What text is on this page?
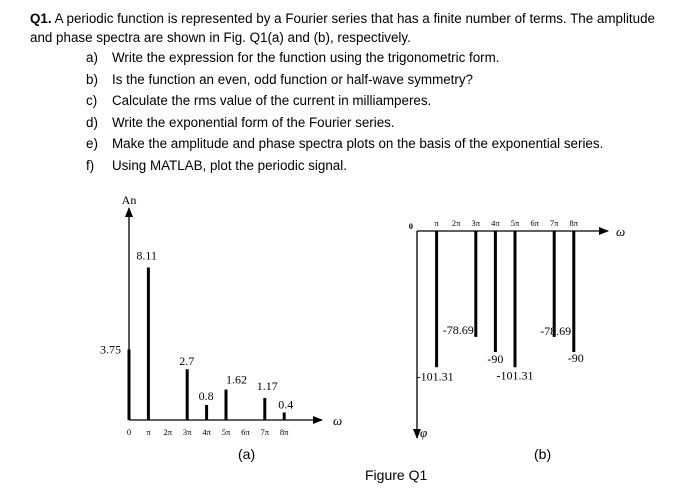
Q1. A periodic function is represented by a Fourier series that has a finite number of terms. The amplitude and phase spectra are shown in Fig. Q1(a) and (b), respectively.
a) Write the expression for the function using the trigonometric form.
b) Is the function an even, odd function or half-wave symmetry?
c) Calculate the rms value of the current in milliamperes.
d) Write the exponential form of the Fourier series.
e) Make the amplitude and phase spectra plots on the basis of the exponential series.
f) Using MATLAB, plot the periodic signal.
An
ω
0
3.75
π
8.11
2π 3π
2.7
4π
0.8
5π
1.62
6π 7π
1.17
8π
0.4
ω
φ
0	π
-101.31
2π 3π
-78.69
4π
-90
5π
-101.31
6π 7π
-78.69
8π
-90
(a)	(b)
Figure Q1
